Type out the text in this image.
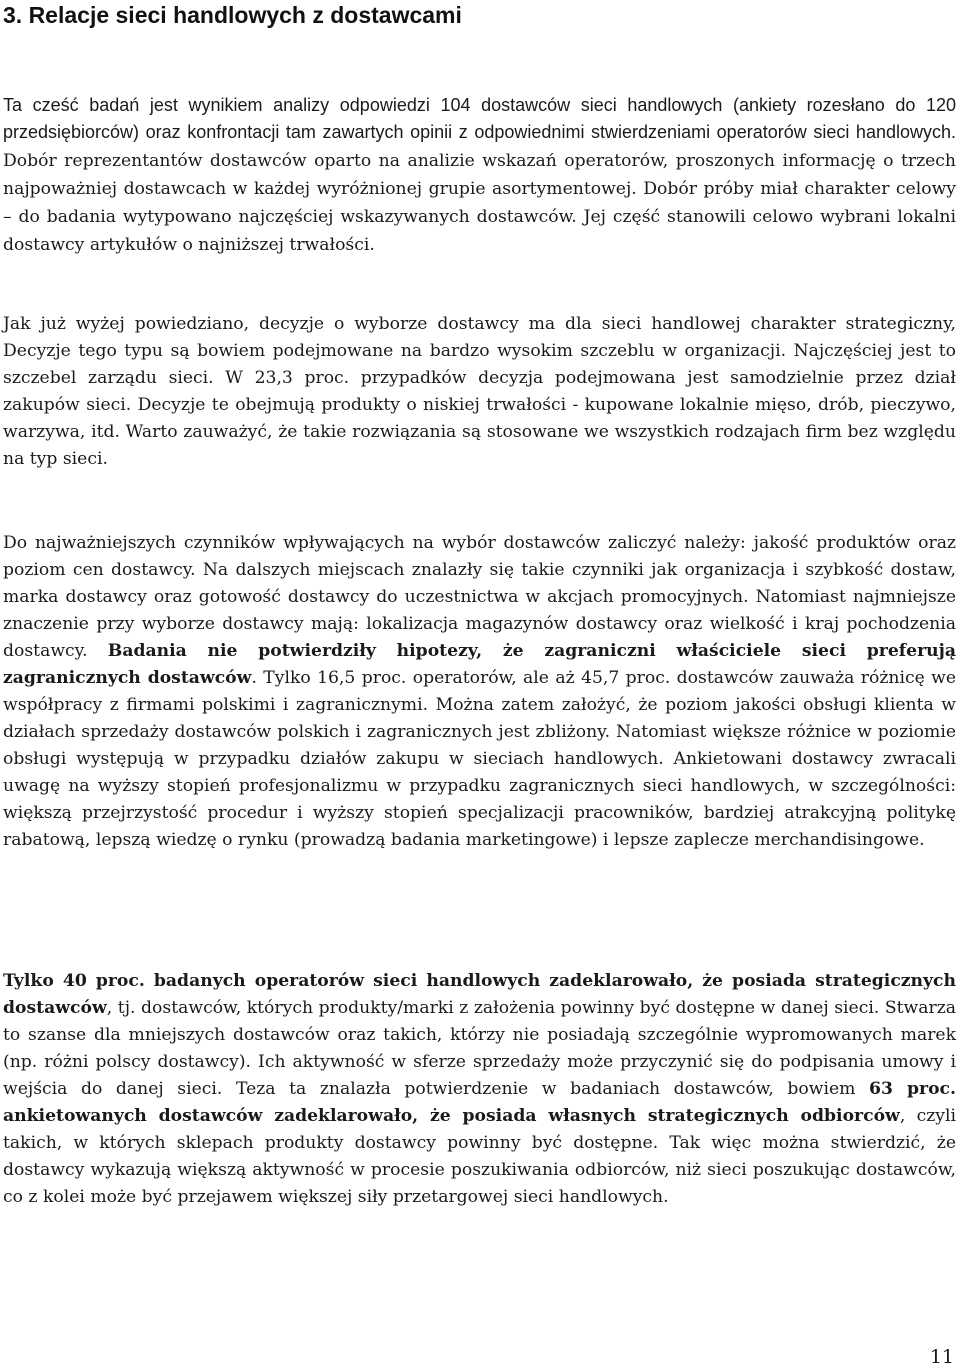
3. Relacje sieci handlowych z dostawcami

Ta cześć badań jest wynikiem analizy odpowiedzi 104 dostawców sieci handlowych (ankiety rozesłano do 120 przedsiębiorców) oraz konfrontacji tam zawartych opinii z odpowiednimi stwierdzeniami operatorów sieci handlowych. Dobór reprezentantów dostawców oparto na analizie wskazań operatorów, proszonych informację o trzech najpoważniej dostawcach w każdej wyróżnionej grupie asortymentowej. Dobór próby miał charakter celowy – do badania wytypowano najczęściej wskazywanych dostawców. Jej część stanowili celowo wybrani lokalni dostawcy artykułów o najniższej trwałości.

Jak już wyżej powiedziano, decyzje o wyborze dostawcy ma dla sieci handlowej charakter strategiczny, Decyzje tego typu są bowiem podejmowane na bardzo wysokim szczeblu w organizacji. Najczęściej jest to szczebel zarządu sieci. W 23,3 proc. przypadków decyzja podejmowana jest samodzielnie przez dział zakupów sieci. Decyzje te obejmują produkty o niskiej trwałości - kupowane lokalnie mięso, drób, pieczywo, warzywa, itd. Warto zauważyć, że takie rozwiązania są stosowane we wszystkich rodzajach firm bez względu na typ sieci.

Do najważniejszych czynników wpływających na wybór dostawców zaliczyć należy: jakość produktów oraz poziom cen dostawcy. Na dalszych miejscach znalazły się takie czynniki jak organizacja i szybkość dostaw, marka dostawcy oraz gotowość dostawcy do uczestnictwa w akcjach promocyjnych. Natomiast najmniejsze znaczenie przy wyborze dostawcy mają: lokalizacja magazynów dostawcy oraz wielkość i kraj pochodzenia dostawcy. Badania nie potwierdziły hipotezy, że zagraniczni właściciele sieci preferują zagranicznych dostawców. Tylko 16,5 proc. operatorów, ale aż 45,7 proc. dostawców zauważa różnicę we współpracy z firmami polskimi i zagranicznymi. Można zatem założyć, że poziom jakości obsługi klienta w działach sprzedaży dostawców polskich i zagranicznych jest zbliżony. Natomiast większe różnice w poziomie obsługi występują w przypadku działów zakupu w sieciach handlowych. Ankietowani dostawcy zwracali uwagę na wyższy stopień profesjonalizmu w przypadku zagranicznych sieci handlowych, w szczególności: większą przejrzystość procedur i wyższy stopień specjalizacji pracowników, bardziej atrakcyjną politykę rabatową, lepszą wiedzę o rynku (prowadzą badania marketingowe) i lepsze zaplecze merchandisingowe.

Tylko 40 proc. badanych operatorów sieci handlowych zadeklarowało, że posiada strategicznych dostawców, tj. dostawców, których produkty/marki z założenia powinny być dostępne w danej sieci. Stwarza to szanse dla mniejszych dostawców oraz takich, którzy nie posiadają szczególnie wypromowanych marek (np. różni polscy dostawcy). Ich aktywność w sferze sprzedaży może przyczynić się do podpisania umowy i wejścia do danej sieci. Teza ta znalazła potwierdzenie w badaniach dostawców, bowiem 63 proc. ankietowanych dostawców zadeklarowało, że posiada własnych strategicznych odbiorców, czyli takich, w których sklepach produkty dostawcy powinny być dostępne. Tak więc można stwierdzić, że dostawcy wykazują większą aktywność w procesie poszukiwania odbiorców, niż sieci poszukując dostawców, co z kolei może być przejawem większej siły przetargowej sieci handlowych.

11
